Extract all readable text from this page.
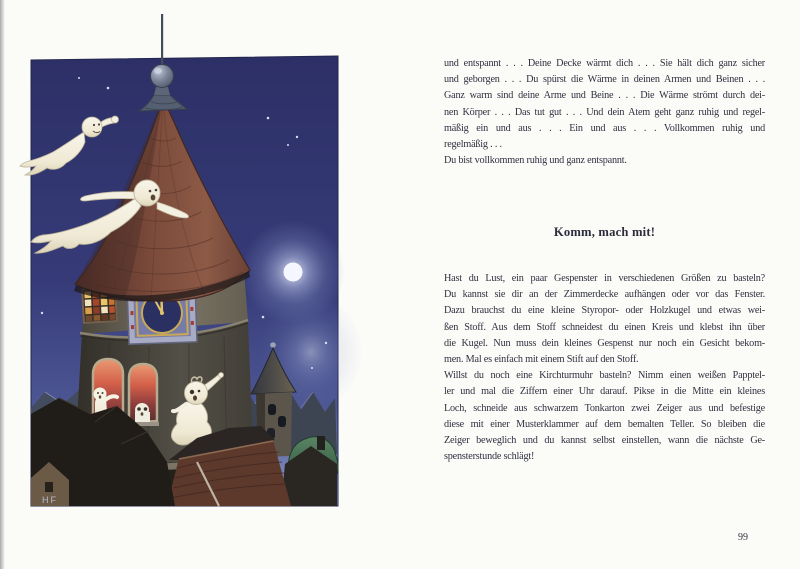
HF
und entspannt . . . Deine Decke wärmt dich . . . Sie hält dich ganz sicher
und geborgen . . . Du spürst die Wärme in deinen Armen und Beinen . . .
Ganz warm sind deine Arme und Beine . . . Die Wärme strömt durch dei-
nen Körper . . . Das tut gut . . . Und dein Atem geht ganz ruhig und regel-
mäßig ein und aus . . . Ein und aus . . . Vollkommen ruhig und
regelmäßig . . .
Du bist vollkommen ruhig und ganz entspannt.
Komm, mach mit!
Hast du Lust, ein paar Gespenster in verschiedenen Größen zu basteln?
Du kannst sie dir an der Zimmerdecke aufhängen oder vor das Fenster.
Dazu brauchst du eine kleine Styropor- oder Holzkugel und etwas wei-
ßen Stoff. Aus dem Stoff schneidest du einen Kreis und klebst ihn über
die Kugel. Nun muss dein kleines Gespenst nur noch ein Gesicht bekom-
men. Mal es einfach mit einem Stift auf den Stoff.
Willst du noch eine Kirchturmuhr basteln? Nimm einen weißen Papptel-
ler und mal die Ziffern einer Uhr darauf. Pikse in die Mitte ein kleines
Loch, schneide aus schwarzem Tonkarton zwei Zeiger aus und befestige
diese mit einer Musterklammer auf dem bemalten Teller. So bleiben die
Zeiger beweglich und du kannst selbst einstellen, wann die nächste Ge-
spensterstunde schlägt!
99
